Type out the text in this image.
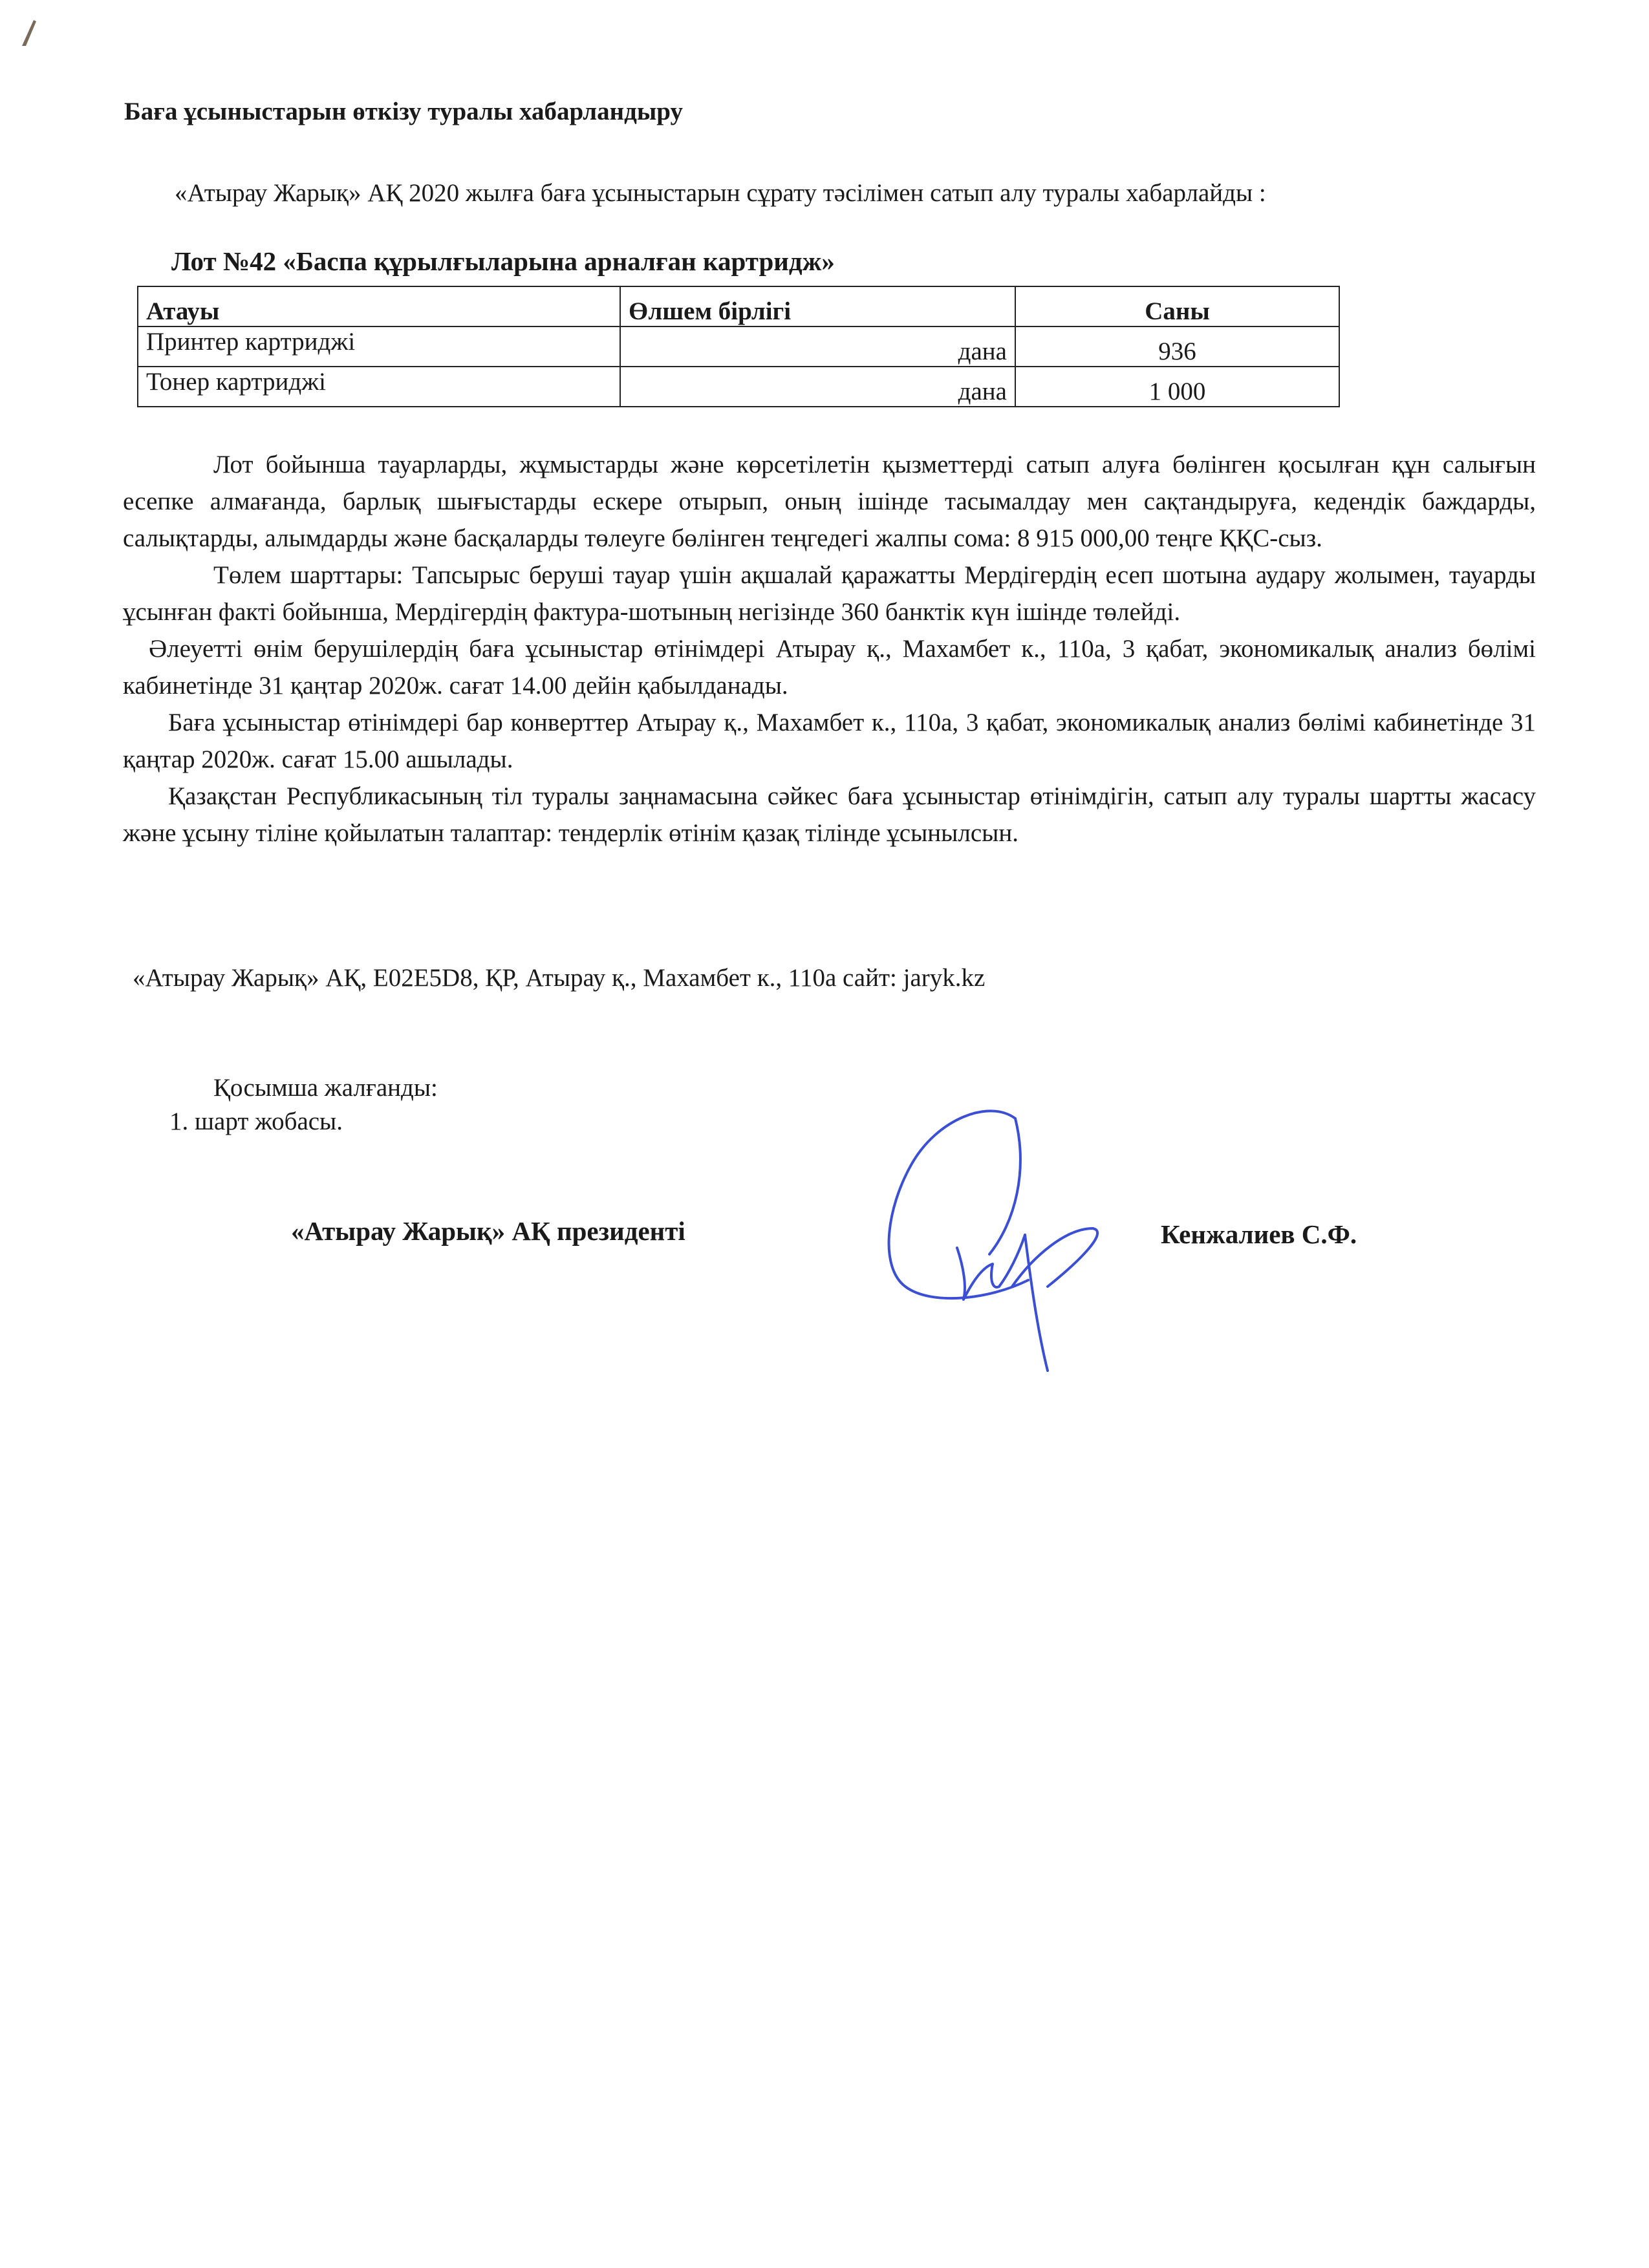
Баға ұсыныстарын өткізу туралы хабарландыру
«Атырау Жарық» АҚ 2020 жылға баға ұсыныстарын сұрату тәсілімен сатып алу туралы хабарлайды :
Лот №42 «Баспа құрылғыларына арналған картридж»
Атауы	Өлшем бірлігі	Саны
Принтер картриджі	дана	936
Тонер картриджі	дана	1 000

Лот бойынша тауарларды, жұмыстарды және көрсетілетін қызметтерді сатып алуға бөлінген қосылған құн салығын есепке алмағанда, барлық шығыстарды ескере отырып, оның ішінде тасымалдау мен сақтандыруға, кедендік баждарды, салықтарды, алымдарды және басқаларды төлеуге бөлінген теңгедегі жалпы сома: 8 915 000,00 теңге ҚҚС-сыз.

Төлем шарттары: Тапсырыс беруші тауар үшін ақшалай қаражатты Мердігердің есеп шотына аудару жолымен, тауарды ұсынған факті бойынша, Мердігердің фактура-шотының негізінде 360 банктік күн ішінде төлейді.

Әлеуетті өнім берушілердің баға ұсыныстар өтінімдері Атырау қ., Махамбет к., 110а, 3 қабат, экономикалық анализ бөлімі кабинетінде 31 қаңтар 2020ж. сағат 14.00 дейін қабылданады.

Баға ұсыныстар өтінімдері бар конверттер Атырау қ., Махамбет к., 110а, 3 қабат, экономикалық анализ бөлімі кабинетінде 31 қаңтар 2020ж. сағат 15.00 ашылады.

Қазақстан Республикасының тіл туралы заңнамасына сәйкес баға ұсыныстар өтінімдігін, сатып алу туралы шартты жасасу және ұсыну тіліне қойылатын талаптар: тендерлік өтінім қазақ тілінде ұсынылсын.

«Атырау Жарық» АҚ, Е02Е5D8, ҚР, Атырау қ., Махамбет к., 110а сайт: jaryk.kz
Қосымша жалғанды:
1. шарт жобасы.
«Атырау Жарық» АҚ президенті	Кенжалиев С.Ф.
